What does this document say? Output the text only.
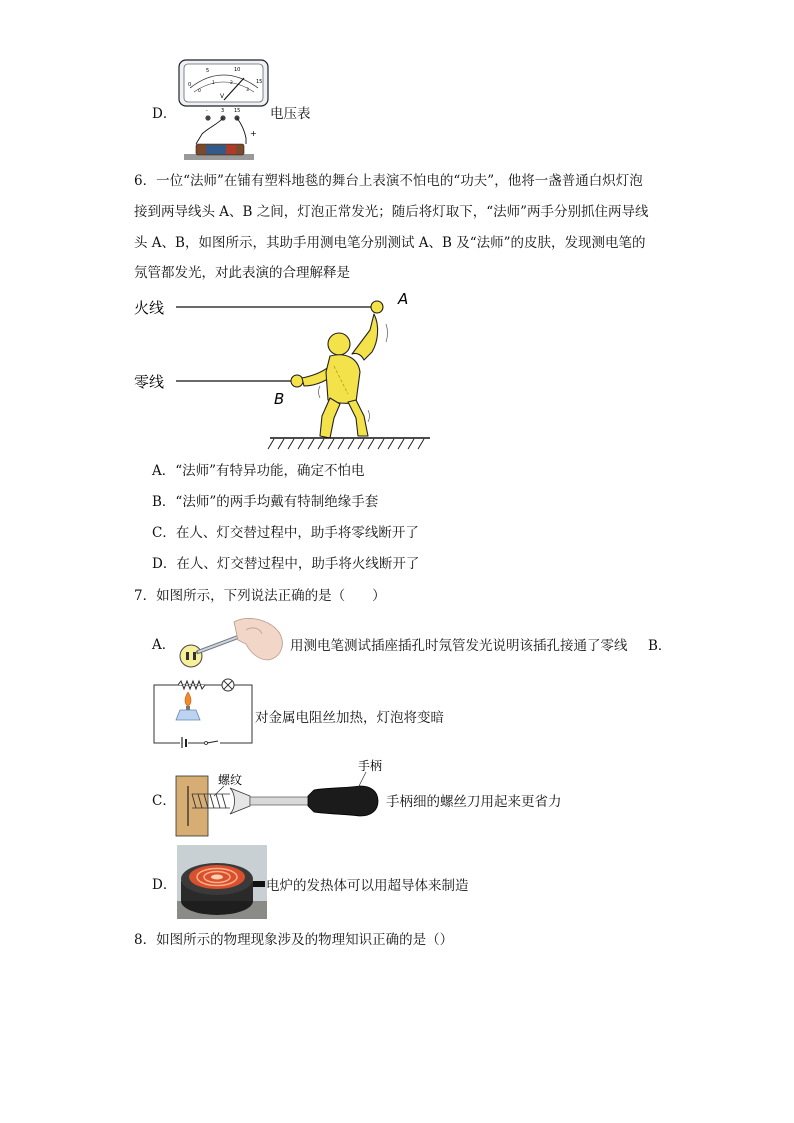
D．
0
5	10
15
0
1	2
3
V
-	3 15
+
电压表
6．一位“法师”在铺有塑料地毯的舞台上表演不怕电的“功夫”，他将一盏普通白炽灯泡
接到两导线头 A、B 之间，灯泡正常发光；随后将灯取下，“法师”两手分别抓住两导线
头 A、B，如图所示，其助手用测电笔分别测试 A、B 及“法师”的皮肤，发现测电笔的
氖管都发光，对此表演的合理解释是
火线	A
零线
B
A．“法师”有特异功能，确定不怕电
B．“法师”的两手均戴有特制绝缘手套
C．在人、灯交替过程中，助手将零线断开了
D．在人、灯交替过程中，助手将火线断开了
7．如图所示，下列说法正确的是（　　）
A．	用测电笔测试插座插孔时氖管发光说明该插孔接通了零线 B．
对金属电阻丝加热，灯泡将变暗
C．
螺纹
手柄
手柄细的螺丝刀用起来更省力
D．	电炉的发热体可以用超导体来制造
8．如图所示的物理现象涉及的物理知识正确的是（）
